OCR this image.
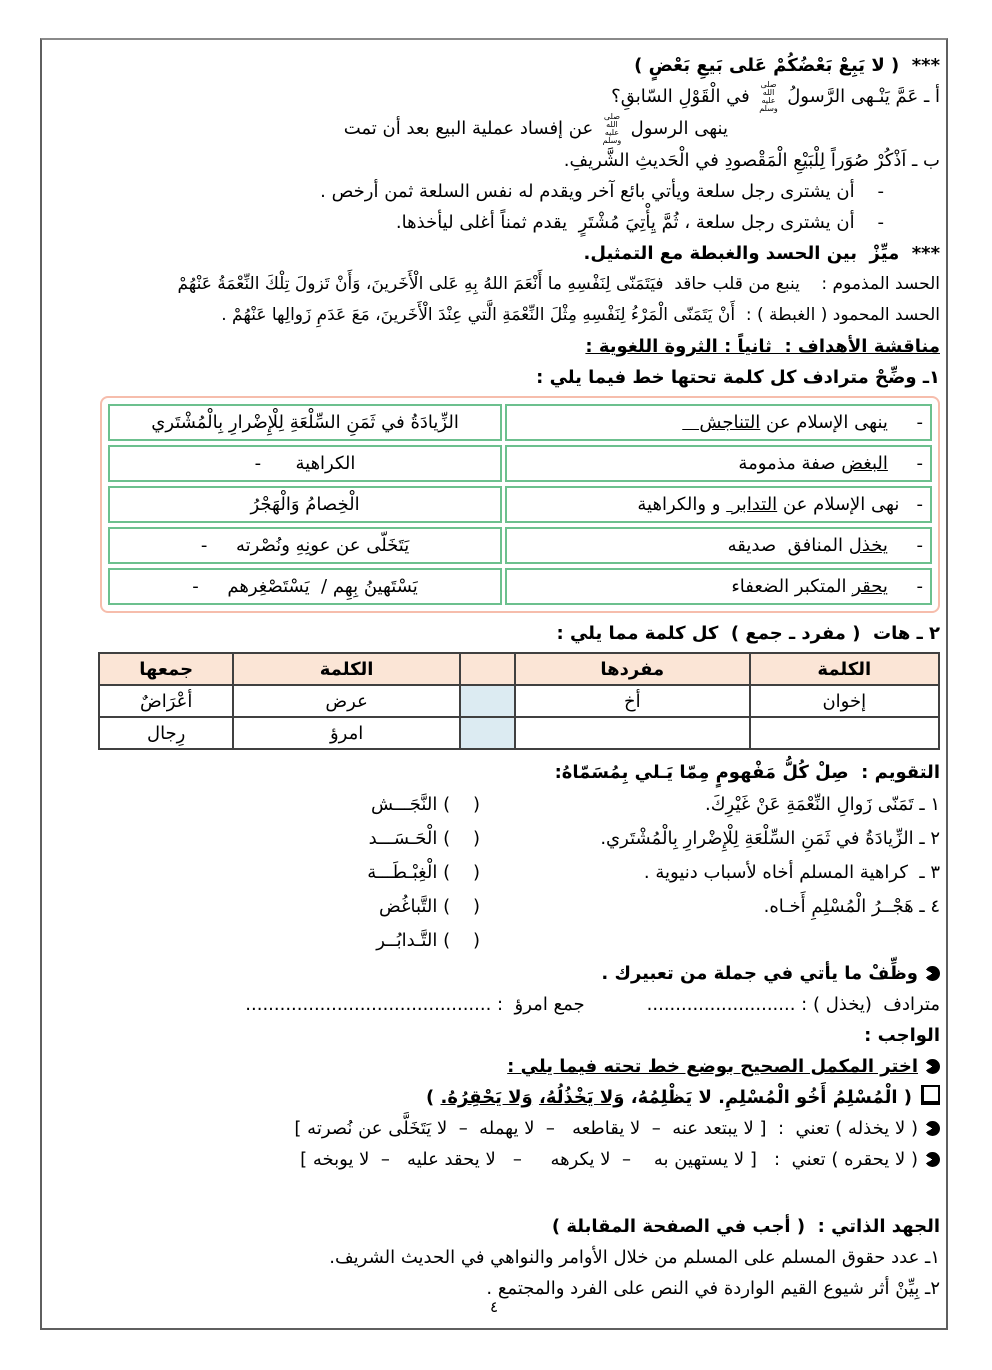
***  ( لا يَبِعْ بَعْضُكُمْ عَلى بَيعِ بَعْضٍ )
أ ـ عَمَّ يَنْـهى الرَّسولُ صلى الله عليه وسلم في الْقَوْلِ السّابقِ؟
ينهى الرسول صلى الله عليه وسلم عن إفساد عملية البيع بعد أن تمت
ب ـ اَذْكُرْ صُوَراً لِلْبَيْعِ الْمَقْصودِ في الْحَديثِ الشَّريفِ.
-    أن يشترى رجل سلعة ويأتي بائع آخر ويقدم له نفس السلعة ثمن أرخص .
-    أن يشترى رجل سلعة ، ثُمَّ يِأْتِيَ مُشْتَرٍ  يقدم ثمناً أغلى ليأخذها.
***  ميِّزْ  بين الحسد والغبطة مع التمثيل.
الحسد المذموم :    ينبع من قلب حاقد  فيَتَمَنّى لِنَفْسِهِ ما أَنْعَمَ اللهُ بِهِ عَلى الْأَخَرينَ، وَأَنْ تَزولَ تِلْكَ النِّعْمَةُ عَنْهُمْ
الحسد المحمود ( الغبطة ) :  أَنْ يَتَمَنّى الْمَرْءُ لِنَفْسِهِ مِثْلَ النِّعْمَةِ الَّتي عِنْدَ الْأَخَرينَ، مَعَ عَدَمِ زَوالِها عَنْهُمْ .
مناقشة الأهداف :  ثانياً : الثروة اللغوية :
١ـ وضِّحْ مترادف كل كلمة تحتها خط فيما يلي :
-     ينهى الإسلام عن التناجش	الزِّيادَةُ في ثَمَنِ السِّلْعَةِ لِلْإِضْرارِ بِالْمُشْتَري
-     البغض صفة مذمومة	-      الكراهية
-   نهى الإسلام عن التدابر  و والكراهية	الْخِصامُ وَالْهَجْرُ
-     يخذل المنافق  صديقه	-     يَتَخَلّى عن عونِهِ ونُصْرته
-     يحقر المتكبر الضعفاء	-     يَسْتَهينُ بِهِم /  يَسْتَصْغِرهم
٢ ـ هات  ( مفرد ـ جمع )  كل كلمة مما يلي :
الكلمة	مفردها		الكلمة	جمعها
إخوان	أخ		عرض	أعْرَاضٌ
			امرؤ	رِجال
التقويم :  صِلْ كُلُّ مَفْهومٍ مِمّا يَـلي بِمُسَمّاهُ:
١ ـ تَمَنّى زَوالِ النِّعْمَةِ عَنْ غَيْرِكَ.
(    ) النَّجَـــش
٢ ـ الزِّيادَةُ في ثَمَنِ السِّلْعَةِ لِلْإِضْرارِ بِالْمُشْتَري.
(    ) الْحَـسَـــد
٣ ـ  كراهية المسلم أخاه لأسباب دنيوية .
(    ) الْغِبْـطَـــة
٤ ـ هَجْــرُ الْمُسْلِمِ أَخـاه.
(    ) التَّباغُض
(    ) التَّـدابُــر
وظِّفْ ما يأتي في جملة من تعبيرك .
مترادف  (يخذل ) : ..........................جمع امرؤ  : ...........................................
الواجب :
اختر المكمل الصحيح بوضع خط تحته فيما يلي :
( الْمُسْلِمُ أَخُو الْمُسْلِمِ. لا يَظْلِمُهُ، وَلا يَخْذُلُهُ، وَلا يَحْقِرُهُ. )
( لا يخذله ) تعني  :  [ لا يبتعد عنه  –  لا يقاطعه   –  لا يهمله  –  لا يَتَخَلَّى عن نُصرته ]
( لا يحقره ) تعني  :   [ لا يستهين به    –  لا يكرهه     –   لا يحقد عليه   –  لا يوبخه ]
الجهد الذاتي :  ( أجب في الصفحة المقابلة )
١ـ عدد حقوق المسلم على المسلم من خلال الأوامر والنواهي في الحديث الشريف.
٢ـ بِيِّنْ أثر شيوع القيم الواردة في النص على الفرد والمجتمع .
٤
